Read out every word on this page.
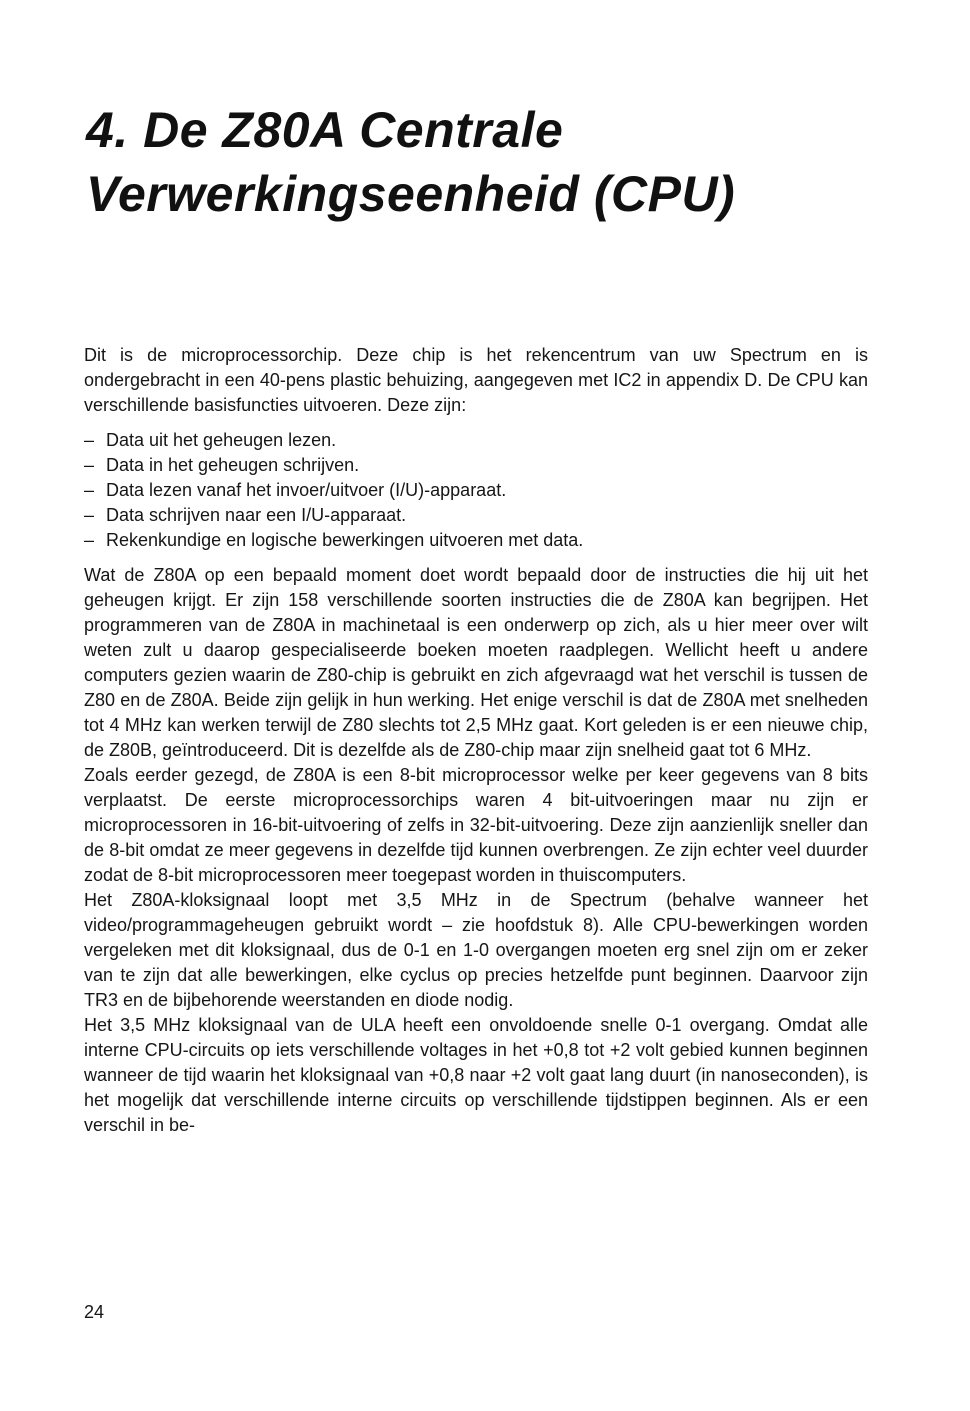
4. De Z80A Centrale
Verwerkingseenheid (CPU)

Dit is de microprocessorchip. Deze chip is het rekencentrum van uw Spectrum en is ondergebracht in een 40-pens plastic behuizing, aangegeven met IC2 in appendix D. De CPU kan verschillende basisfuncties uitvoeren. Deze zijn:

– Data uit het geheugen lezen.
– Data in het geheugen schrijven.
– Data lezen vanaf het invoer/uitvoer (I/U)-apparaat.
– Data schrijven naar een I/U-apparaat.
– Rekenkundige en logische bewerkingen uitvoeren met data.

Wat de Z80A op een bepaald moment doet wordt bepaald door de instructies die hij uit het geheugen krijgt. Er zijn 158 verschillende soorten instructies die de Z80A kan begrijpen. Het programmeren van de Z80A in machinetaal is een onderwerp op zich, als u hier meer over wilt weten zult u daarop gespecialiseerde boeken moeten raadplegen. Wellicht heeft u andere computers gezien waarin de Z80-chip is gebruikt en zich afgevraagd wat het verschil is tussen de Z80 en de Z80A. Beide zijn gelijk in hun werking. Het enige verschil is dat de Z80A met snelheden tot 4 MHz kan werken terwijl de Z80 slechts tot 2,5 MHz gaat. Kort geleden is er een nieuwe chip, de Z80B, geïntroduceerd. Dit is dezelfde als de Z80-chip maar zijn snelheid gaat tot 6 MHz.

Zoals eerder gezegd, de Z80A is een 8-bit microprocessor welke per keer gegevens van 8 bits verplaatst. De eerste microprocessorchips waren 4 bit-uitvoeringen maar nu zijn er microprocessoren in 16-bit-uitvoering of zelfs in 32-bit-uitvoering. Deze zijn aanzienlijk sneller dan de 8-bit omdat ze meer gegevens in dezelfde tijd kunnen overbrengen. Ze zijn echter veel duurder zodat de 8-bit microprocessoren meer toegepast worden in thuiscomputers.

Het Z80A-kloksignaal loopt met 3,5 MHz in de Spectrum (behalve wanneer het video/programmageheugen gebruikt wordt – zie hoofdstuk 8). Alle CPU-bewerkingen worden vergeleken met dit kloksignaal, dus de 0-1 en 1-0 overgangen moeten erg snel zijn om er zeker van te zijn dat alle bewerkingen, elke cyclus op precies hetzelfde punt beginnen. Daarvoor zijn TR3 en de bijbehorende weerstanden en diode nodig.

Het 3,5 MHz kloksignaal van de ULA heeft een onvoldoende snelle 0-1 overgang. Omdat alle interne CPU-circuits op iets verschillende voltages in het +0,8 tot +2 volt gebied kunnen beginnen wanneer de tijd waarin het kloksignaal van +0,8 naar +2 volt gaat lang duurt (in nanoseconden), is het mogelijk dat verschillende interne circuits op verschillende tijdstippen beginnen. Als er een verschil in be-

24
